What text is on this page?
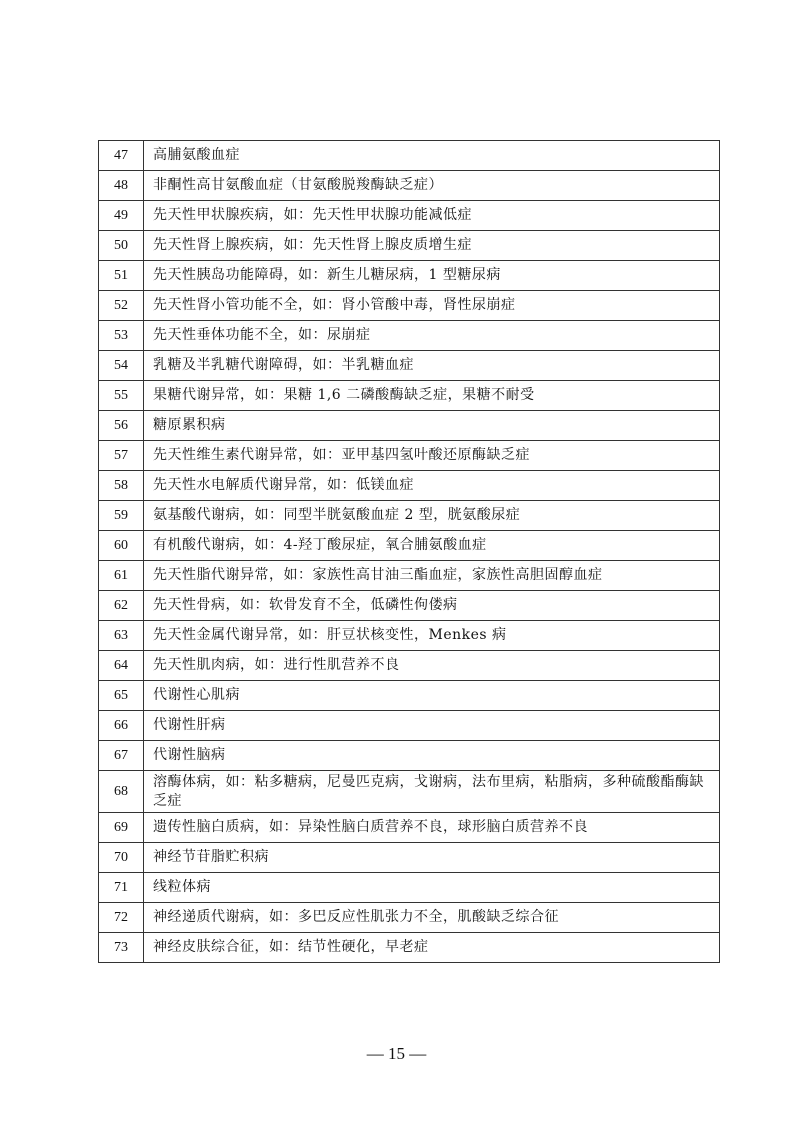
47	高脯氨酸血症
48	非酮性高甘氨酸血症（甘氨酸脱羧酶缺乏症）
49	先天性甲状腺疾病，如：先天性甲状腺功能减低症
50	先天性肾上腺疾病，如：先天性肾上腺皮质增生症
51	先天性胰岛功能障碍，如：新生儿糖尿病，1 型糖尿病
52	先天性肾小管功能不全，如：肾小管酸中毒，肾性尿崩症
53	先天性垂体功能不全，如：尿崩症
54	乳糖及半乳糖代谢障碍，如：半乳糖血症
55	果糖代谢异常，如：果糖 1,6 二磷酸酶缺乏症，果糖不耐受
56	糖原累积病
57	先天性维生素代谢异常，如：亚甲基四氢叶酸还原酶缺乏症
58	先天性水电解质代谢异常，如：低镁血症
59	氨基酸代谢病，如：同型半胱氨酸血症 2 型，胱氨酸尿症
60	有机酸代谢病，如：4-羟丁酸尿症，氧合脯氨酸血症
61	先天性脂代谢异常，如：家族性高甘油三酯血症，家族性高胆固醇血症
62	先天性骨病，如：软骨发育不全，低磷性佝偻病
63	先天性金属代谢异常，如：肝豆状核变性，Menkes 病
64	先天性肌肉病，如：进行性肌营养不良
65	代谢性心肌病
66	代谢性肝病
67	代谢性脑病
68	溶酶体病，如：粘多糖病，尼曼匹克病，戈谢病，法布里病，粘脂病，多种硫酸酯酶缺乏症
69	遗传性脑白质病，如：异染性脑白质营养不良，球形脑白质营养不良
70	神经节苷脂贮积病
71	线粒体病
72	神经递质代谢病，如：多巴反应性肌张力不全，肌酸缺乏综合征
73	神经皮肤综合征，如：结节性硬化，早老症
— 15 —
